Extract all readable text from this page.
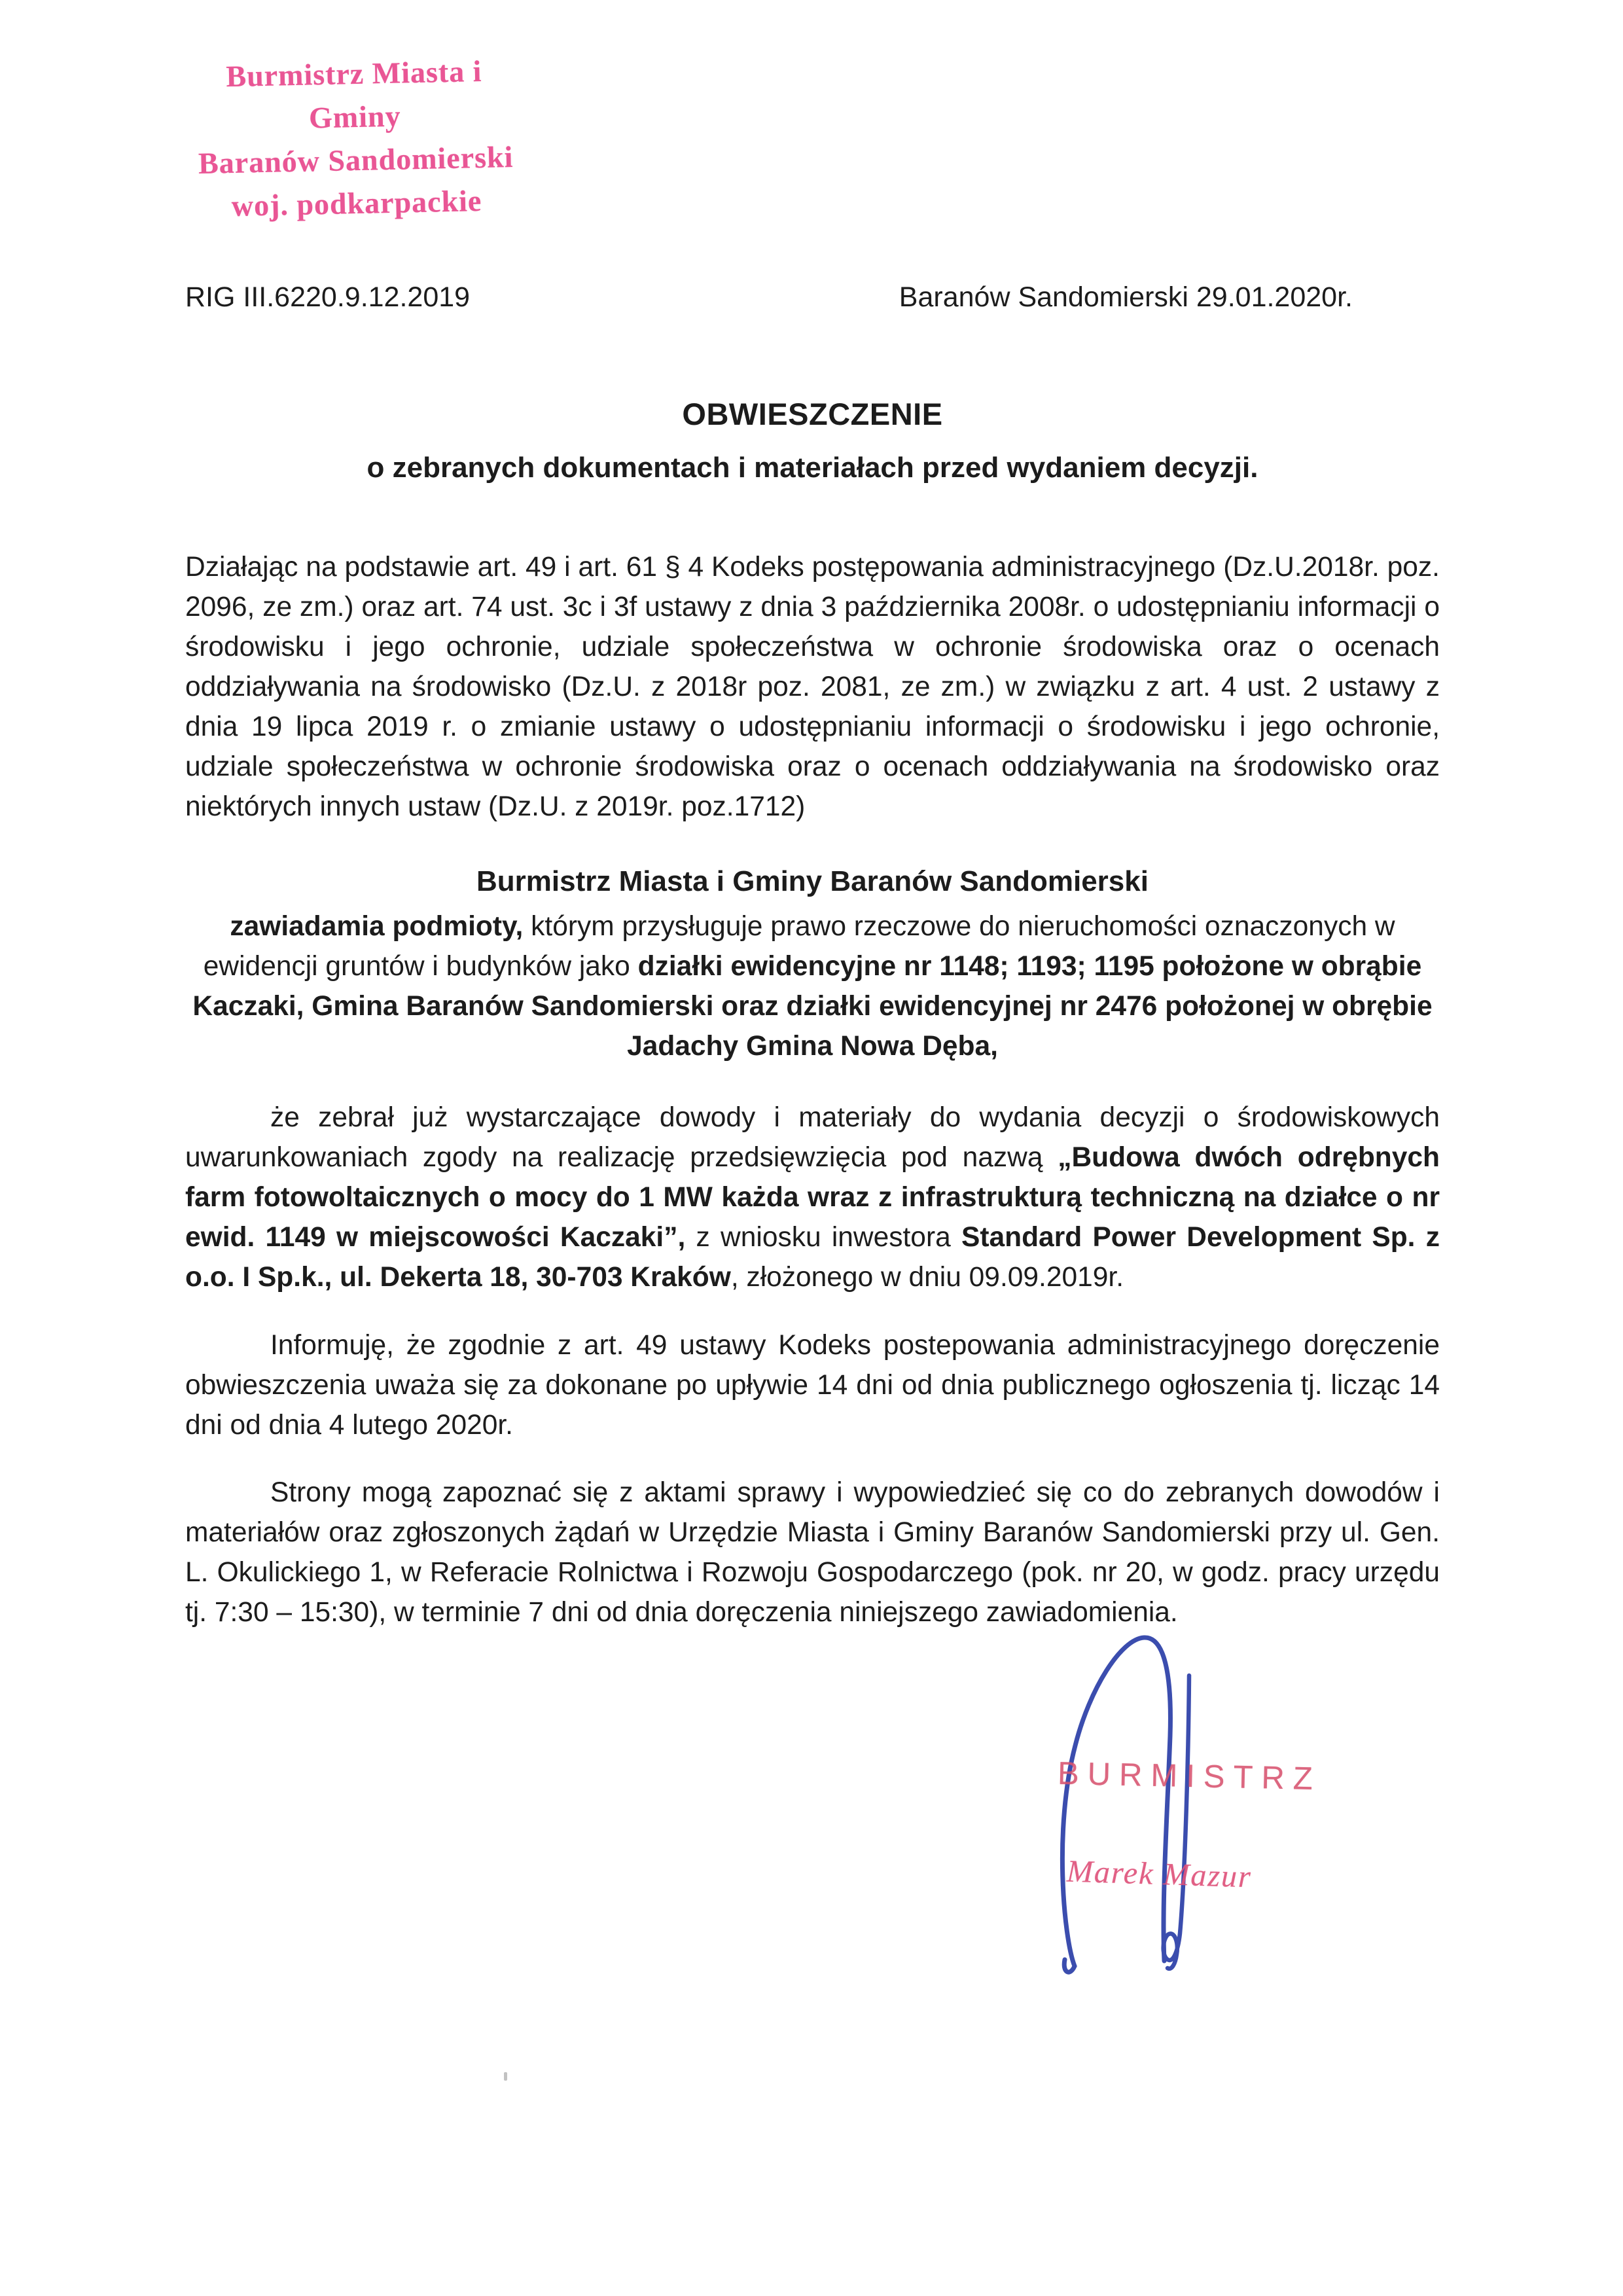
Burmistrz Miasta i Gminy
Baranów Sandomierski
woj. podkarpackie
RIG III.6220.9.12.2019	Baranów Sandomierski 29.01.2020r.
OBWIESZCZENIE
o zebranych dokumentach i materiałach przed wydaniem decyzji.

Działając na podstawie art. 49 i art. 61 § 4 Kodeks postępowania administracyjnego (Dz.U.2018r. poz. 2096, ze zm.) oraz art. 74 ust. 3c i 3f ustawy z dnia 3 października 2008r. o udostępnianiu informacji o środowisku i jego ochronie, udziale społeczeństwa w ochronie środowiska oraz o ocenach oddziaływania na środowisko (Dz.U. z 2018r poz. 2081, ze zm.) w związku z art. 4 ust. 2 ustawy z dnia 19 lipca 2019 r. o zmianie ustawy o udostępnianiu informacji o środowisku i jego ochronie, udziale społeczeństwa w ochronie środowiska oraz o ocenach oddziaływania na środowisko oraz niektórych innych ustaw (Dz.U. z 2019r. poz.1712)

Burmistrz Miasta i Gminy Baranów Sandomierski

zawiadamia podmioty, którym przysługuje prawo rzeczowe do nieruchomości oznaczonych w ewidencji gruntów i budynków jako działki ewidencyjne nr 1148; 1193; 1195 położone w obrąbie Kaczaki, Gmina Baranów Sandomierski oraz działki ewidencyjnej nr 2476 położonej w obrębie Jadachy Gmina Nowa Dęba,

że zebrał już wystarczające dowody i materiały do wydania decyzji o środowiskowych uwarunkowaniach zgody na realizację przedsięwzięcia pod nazwą „Budowa dwóch odrębnych farm fotowoltaicznych o mocy do 1 MW każda wraz z infrastrukturą techniczną na działce o nr ewid. 1149 w miejscowości Kaczaki”, z wniosku inwestora Standard Power Development Sp. z o.o. I Sp.k., ul. Dekerta 18, 30-703 Kraków, złożonego w dniu 09.09.2019r.

Informuję, że zgodnie z art. 49 ustawy Kodeks postepowania administracyjnego doręczenie obwieszczenia uważa się za dokonane po upływie 14 dni od dnia publicznego ogłoszenia tj. licząc 14 dni od dnia 4 lutego 2020r.

Strony mogą zapoznać się z aktami sprawy i wypowiedzieć się co do zebranych dowodów i materiałów oraz zgłoszonych żądań w Urzędzie Miasta i Gminy Baranów Sandomierski przy ul. Gen. L. Okulickiego 1, w Referacie Rolnictwa i Rozwoju Gospodarczego (pok. nr 20, w godz. pracy urzędu tj. 7:30 – 15:30), w terminie 7 dni od dnia doręczenia niniejszego zawiadomienia.

BURMISTRZ
Marek Mazur
